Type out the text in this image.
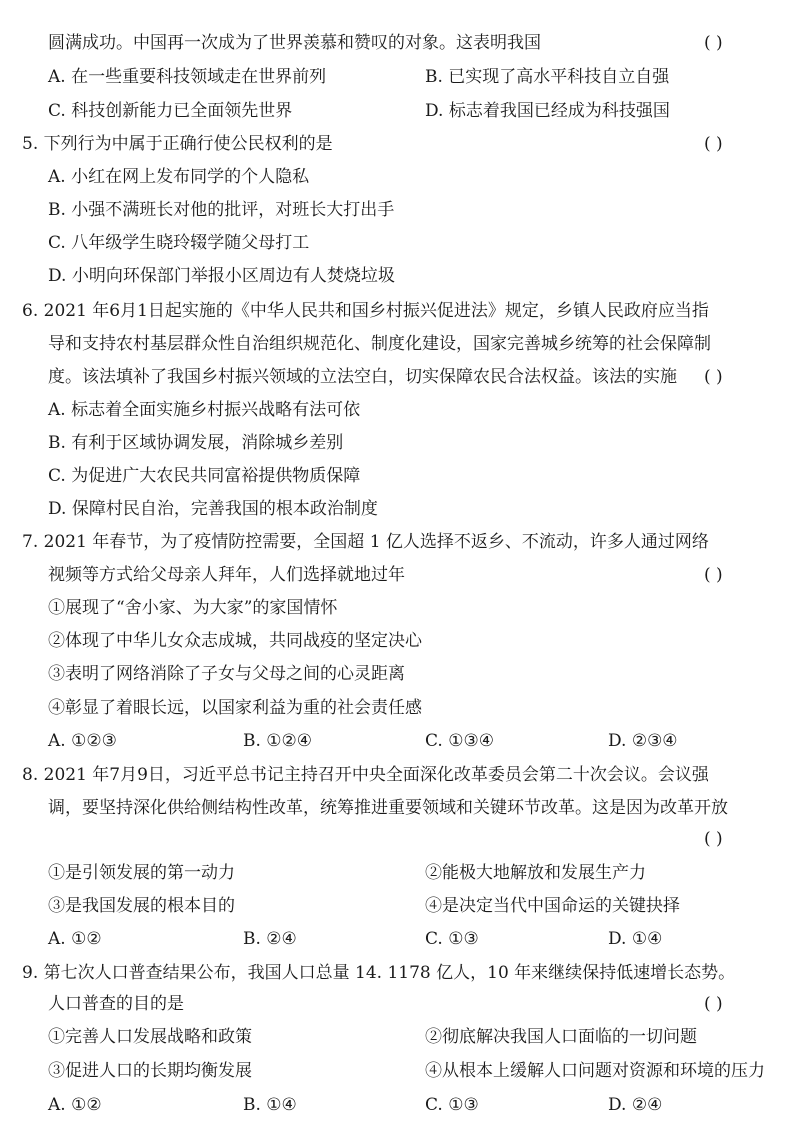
圆满成功。中国再一次成为了世界羡慕和赞叹的对象。这表明我国	( )
A. 在一些重要科技领域走在世界前列	B. 已实现了高水平科技自立自强
C. 科技创新能力已全面领先世界	D. 标志着我国已经成为科技强国
5. 下列行为中属于正确行使公民权利的是	( )
A. 小红在网上发布同学的个人隐私
B. 小强不满班长对他的批评，对班长大打出手
C. 八年级学生晓玲辍学随父母打工
D. 小明向环保部门举报小区周边有人焚烧垃圾
6. 2021 年6月1日起实施的《中华人民共和国乡村振兴促进法》规定，乡镇人民政府应当指
导和支持农村基层群众性自治组织规范化、制度化建设，国家完善城乡统筹的社会保障制
度。该法填补了我国乡村振兴领域的立法空白，切实保障农民合法权益。该法的实施 ( )
A. 标志着全面实施乡村振兴战略有法可依
B. 有利于区域协调发展，消除城乡差别
C. 为促进广大农民共同富裕提供物质保障
D. 保障村民自治，完善我国的根本政治制度
7. 2021 年春节，为了疫情防控需要，全国超 1 亿人选择不返乡、不流动，许多人通过网络
视频等方式给父母亲人拜年，人们选择就地过年	( )
①展现了“舍小家、为大家”的家国情怀
②体现了中华儿女众志成城，共同战疫的坚定决心
③表明了网络消除了子女与父母之间的心灵距离
④彰显了着眼长远，以国家利益为重的社会责任感
A. ①②③	B. ①②④	C. ①③④	D. ②③④
8. 2021 年7月9日，习近平总书记主持召开中央全面深化改革委员会第二十次会议。会议强
调，要坚持深化供给侧结构性改革，统筹推进重要领域和关键环节改革。这是因为改革开放
( )
①是引领发展的第一动力	②能极大地解放和发展生产力
③是我国发展的根本目的	④是决定当代中国命运的关键抉择
A. ①②	B. ②④	C. ①③	D. ①④
9. 第七次人口普查结果公布，我国人口总量 14. 1178 亿人，10 年来继续保持低速增长态势。
人口普查的目的是	( )
①完善人口发展战略和政策	②彻底解决我国人口面临的一切问题
③促进人口的长期均衡发展	④从根本上缓解人口问题对资源和环境的压力
A. ①②	B. ①④	C. ①③	D. ②④
